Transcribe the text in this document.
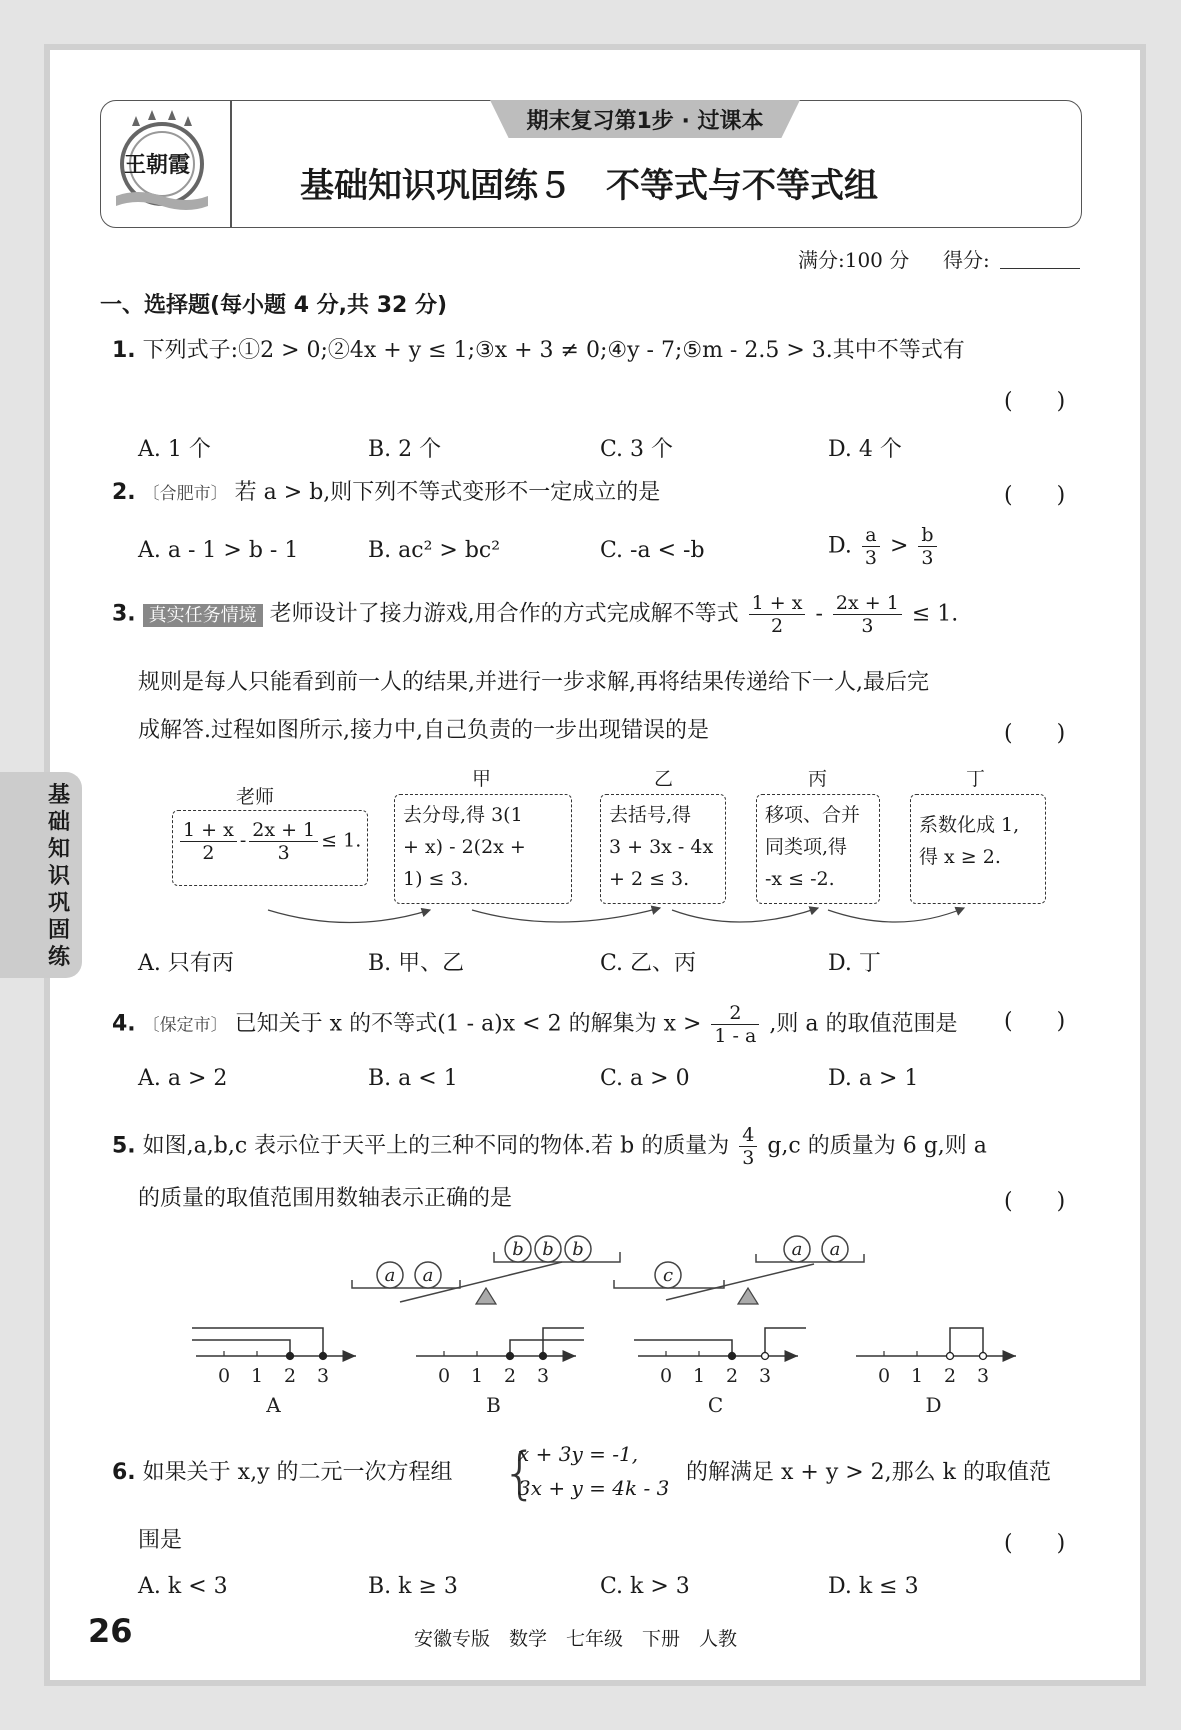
王朝霞
期末复习第1步 · 过课本
基础知识巩固练５　不等式与不等式组
满分:100 分 得分:
基础知识巩固练
一、选择题(每小题 4 分,共 32 分)
1. 下列式子:①2 > 0;②4x + y ≤ 1;③x + 3 ≠ 0;④y - 7;⑤m - 2.5 > 3.其中不等式有
(　　)
A. 1 个	B. 2 个	C. 3 个	D. 4 个
2. 〔合肥市〕 若 a > b,则下列不等式变形不一定成立的是	(　　)
A. a - 1 > b - 1	B. ac² > bc²	C. -a < -b	D. $\frac{a}{3} > \frac{b}{3}$
3. 真实任务情境 老师设计了接力游戏,用合作的方式完成解不等式 $\frac{1 + x}{2} - \frac{2x + 1}{3} \le 1$.
规则是每人只能看到前一人的结果,并进行一步求解,再将结果传递给下一人,最后完
成解答.过程如图所示,接力中,自己负责的一步出现错误的是	(　　)
老师
甲	乙	丙	丁
$\frac{1 + x}{2} - \frac{2x + 1}{3} \le 1$.
去分母,得 3(1
+ x) - 2(2x +
1) ≤ 3.
去括号,得
3 + 3x - 4x
+ 2 ≤ 3.
移项、合并
同类项,得
-x ≤ -2.
系数化成 1,
得 x ≥ 2.
A. 只有丙	B. 甲、乙	C. 乙、丙	D. 丁
4. 〔保定市〕 已知关于 x 的不等式(1 - a)x < 2 的解集为 $x > \frac{2}{1 - a}$ ,则 a 的取值范围是 (　　)
A. a > 2	B. a < 1	C. a > 0	D. a > 1
5. 如图,a,b,c 表示位于天平上的三种不同的物体.若 b 的质量为 $\frac{4}{3} g,c$ 的质量为 6 g,则 a
的质量的取值范围用数轴表示正确的是	(　　)
a a
b b b
c
a a
0 1 2 3
A
0 1 2 3
B
0 1 2 3
C
0 1 2 3
D
6. 如果关于 x,y 的二元一次方程组 {
x + 3y = -1,
3x + y = 4k - 3
的解满足 x + y > 2,那么 k 的取值范
围是	(　　)
A. k < 3	B. k ≥ 3	C. k > 3	D. k ≤ 3
26	安徽专版　数学　七年级　下册　人教
